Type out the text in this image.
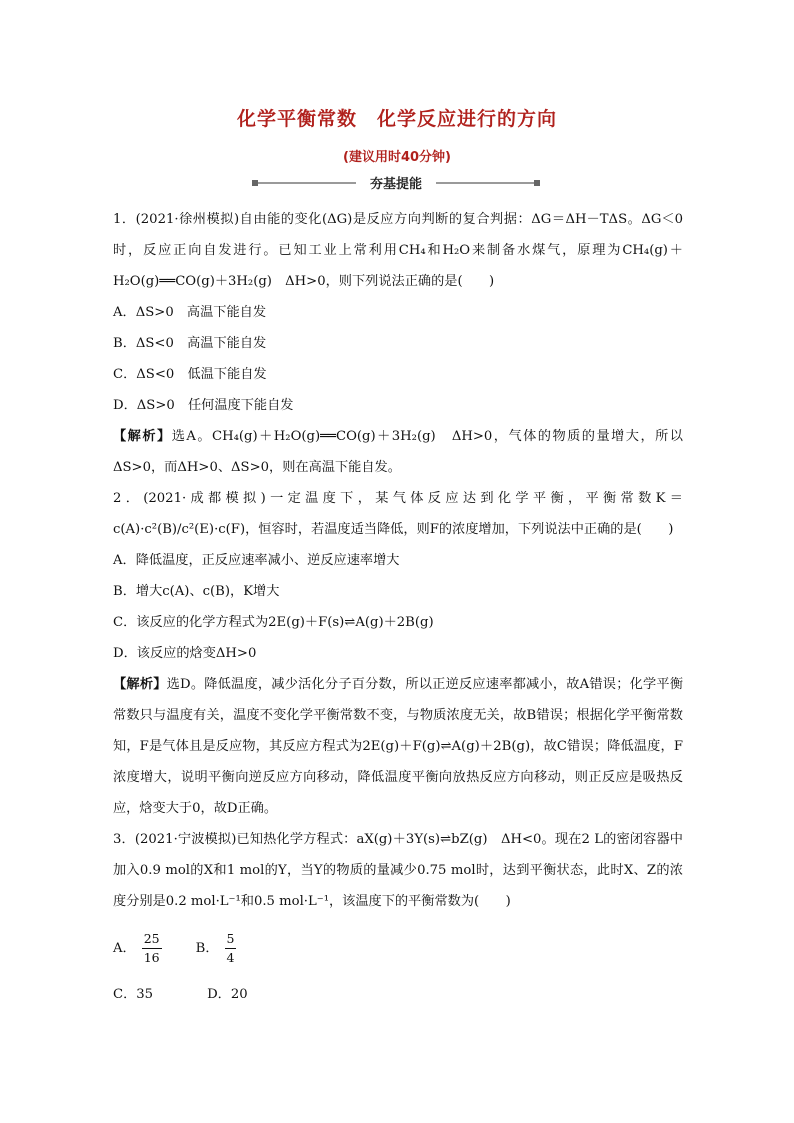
化学平衡常数　化学反应进行的方向
(建议用时40分钟)
夯基提能

1．(2021·徐州模拟)自由能的变化(ΔG)是反应方向判断的复合判据：ΔG＝ΔH－TΔS。ΔG＜0时，反应正向自发进行。已知工业上常利用CH₄和H₂O来制备水煤气，原理为CH₄(g)＋H₂O(g)══CO(g)＋3H₂(g)　ΔH>0，则下列说法正确的是(　　)

A．ΔS>0　高温下能自发

B．ΔS<0　高温下能自发

C．ΔS<0　低温下能自发

D．ΔS>0　任何温度下能自发

【解析】选A。CH₄(g)＋H₂O(g)══CO(g)＋3H₂(g)　ΔH>0，气体的物质的量增大，所以ΔS>0，而ΔH>0、ΔS>0，则在高温下能自发。

2．(2021·成都模拟)一定温度下，某气体反应达到化学平衡，平衡常数K＝c(A)·c²(B)/c²(E)·c(F)，恒容时，若温度适当降低，则F的浓度增加，下列说法中正确的是(　　)

A．降低温度，正反应速率减小、逆反应速率增大

B．增大c(A)、c(B)，K增大

C．该反应的化学方程式为2E(g)＋F(s)⇌A(g)＋2B(g)

D．该反应的焓变ΔH>0

【解析】选D。降低温度，减少活化分子百分数，所以正逆反应速率都减小，故A错误；化学平衡常数只与温度有关，温度不变化学平衡常数不变，与物质浓度无关，故B错误；根据化学平衡常数知，F是气体且是反应物，其反应方程式为2E(g)＋F(g)⇌A(g)＋2B(g)，故C错误；降低温度，F浓度增大，说明平衡向逆反应方向移动，降低温度平衡向放热反应方向移动，则正反应是吸热反应，焓变大于0，故D正确。

3．(2021·宁波模拟)已知热化学方程式：aX(g)＋3Y(s)⇌bZ(g)　ΔH<0。现在2 L的密闭容器中加入0.9 mol的X和1 mol的Y，当Y的物质的量减少0.75 mol时，达到平衡状态，此时X、Z的浓度分别是0.2 mol·L⁻¹和0.5 mol·L⁻¹，该温度下的平衡常数为(　　)

A． $\frac{25}{16}$	B． $\frac{5}{4}$

C．35	D．20
